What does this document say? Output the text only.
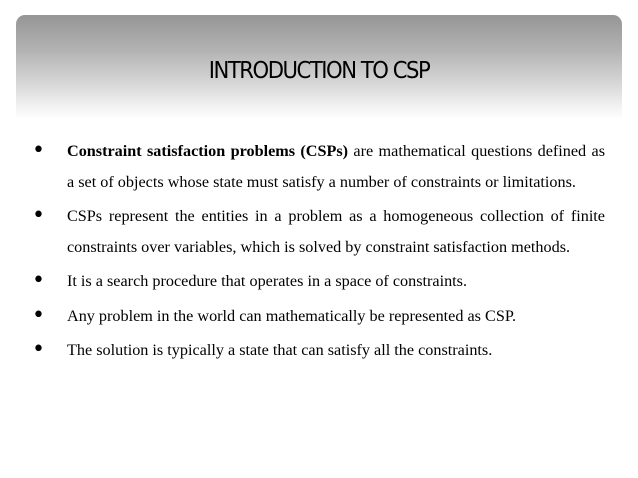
INTRODUCTION TO CSP
• Constraint satisfaction problems (CSPs) are mathematical questions defined as a set of objects whose state must satisfy a number of constraints or limitations.
• CSPs represent the entities in a problem as a homogeneous collection of finite constraints over variables, which is solved by constraint satisfaction methods.
• It is a search procedure that operates in a space of constraints.
• Any problem in the world can mathematically be represented as CSP.
• The solution is typically a state that can satisfy all the constraints.
